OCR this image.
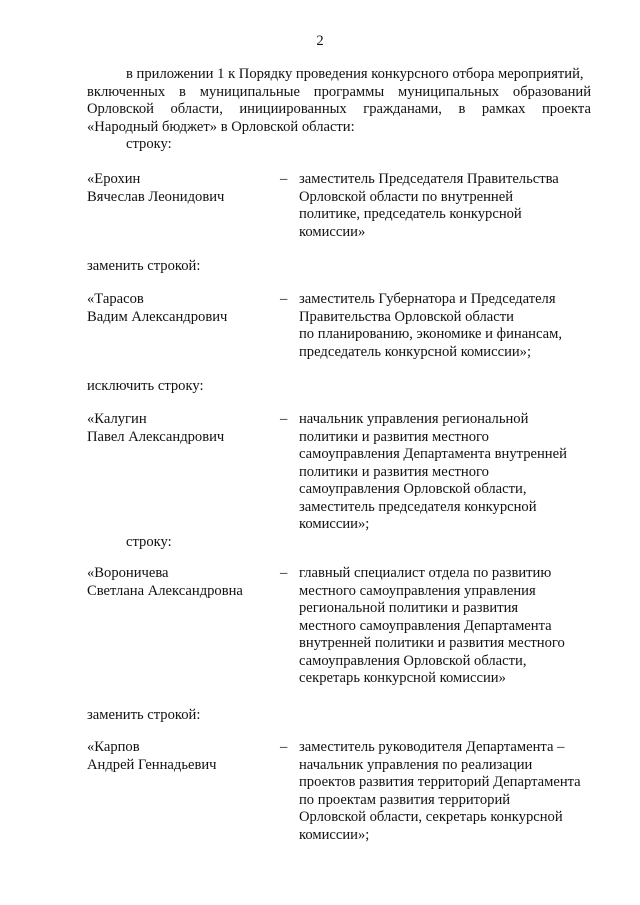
2

в приложении 1 к Порядку проведения конкурсного отбора мероприятий,

включенных в муниципальные программы муниципальных образований
Орловской области, инициированных гражданами, в рамках проекта

«Народный бюджет» в Орловской области:

строку:
«Ерохин
Вячеслав Леонидович
– заместитель Председателя Правительства
Орловской области по внутренней
политике, председатель конкурсной
комиссии»
заменить строкой:
«Тарасов
Вадим Александрович
– заместитель Губернатора и Председателя
Правительства Орловской области
по планированию, экономике и финансам,
председатель конкурсной комиссии»;
исключить строку:
«Калугин
Павел Александрович
– начальник управления региональной
политики и развития местного
самоуправления Департамента внутренней
политики и развития местного
самоуправления Орловской области,
заместитель председателя конкурсной
комиссии»;
строку:
«Вороничева
Светлана Александровна
– главный специалист отдела по развитию
местного самоуправления управления
региональной политики и развития
местного самоуправления Департамента
внутренней политики и развития местного
самоуправления Орловской области,
секретарь конкурсной комиссии»
заменить строкой:
«Карпов
Андрей Геннадьевич
– заместитель руководителя Департамента –
начальник управления по реализации
проектов развития территорий Департамента
по проектам развития территорий
Орловской области, секретарь конкурсной
комиссии»;
